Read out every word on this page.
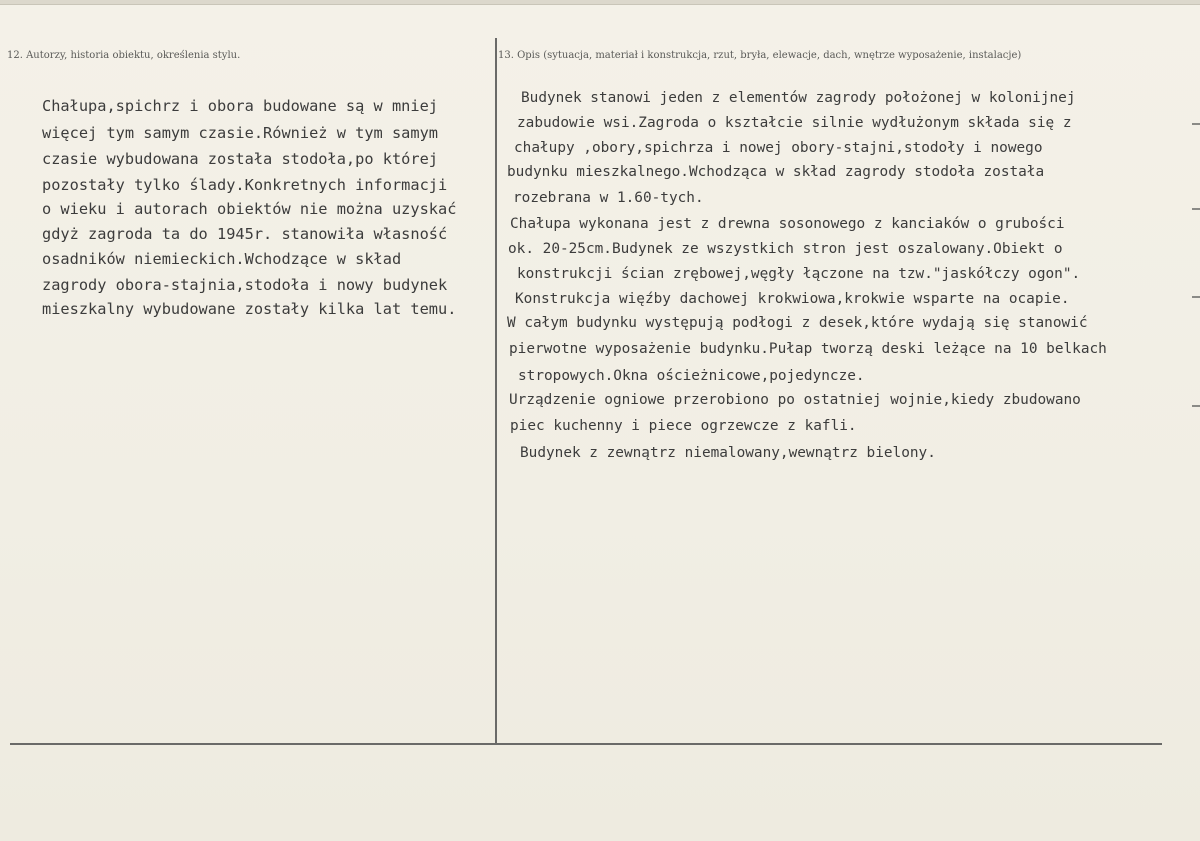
12. Autorzy, historia obiektu, określenia stylu.	13. Opis (sytuacja, materiał i konstrukcja, rzut, bryła, elewacje, dach, wnętrze wyposażenie, instalacje)

Chałupa,spichrz i obora budowane są w mniej

więcej tym samym czasie.Również w tym samym

czasie wybudowana została stodoła,po której

pozostały tylko ślady.Konkretnych informacji

o wieku i autorach obiektów nie można uzyskać

gdyż zagroda ta do 1945r. stanowiła własność

osadników niemieckich.Wchodzące w skład

zagrody obora-stajnia,stodoła i nowy budynek

mieszkalny wybudowane zostały kilka lat temu.

Budynek stanowi jeden z elementów zagrody położonej w kolonijnej

zabudowie wsi.Zagroda o kształcie silnie wydłużonym składa się z

chałupy ,obory,spichrza i nowej obory-stajni,stodoły i nowego

budynku mieszkalnego.Wchodząca w skład zagrody stodoła została

rozebrana w 1.60-tych.

Chałupa wykonana jest z drewna sosonowego z kanciaków o grubości

ok. 20-25cm.Budynek ze wszystkich stron jest oszalowany.Obiekt o

konstrukcji ścian zrębowej,węgły łączone na tzw."jaskółczy ogon".

Konstrukcja więźby dachowej krokwiowa,krokwie wsparte na ocapie.

W całym budynku występują podłogi z desek,które wydają się stanowić

pierwotne wyposażenie budynku.Pułap tworzą deski leżące na 10 belkach

stropowych.Okna ościeżnicowe,pojedyncze.

Urządzenie ogniowe przerobiono po ostatniej wojnie,kiedy zbudowano

piec kuchenny i piece ogrzewcze z kafli.

Budynek z zewnątrz niemalowany,wewnątrz bielony.
